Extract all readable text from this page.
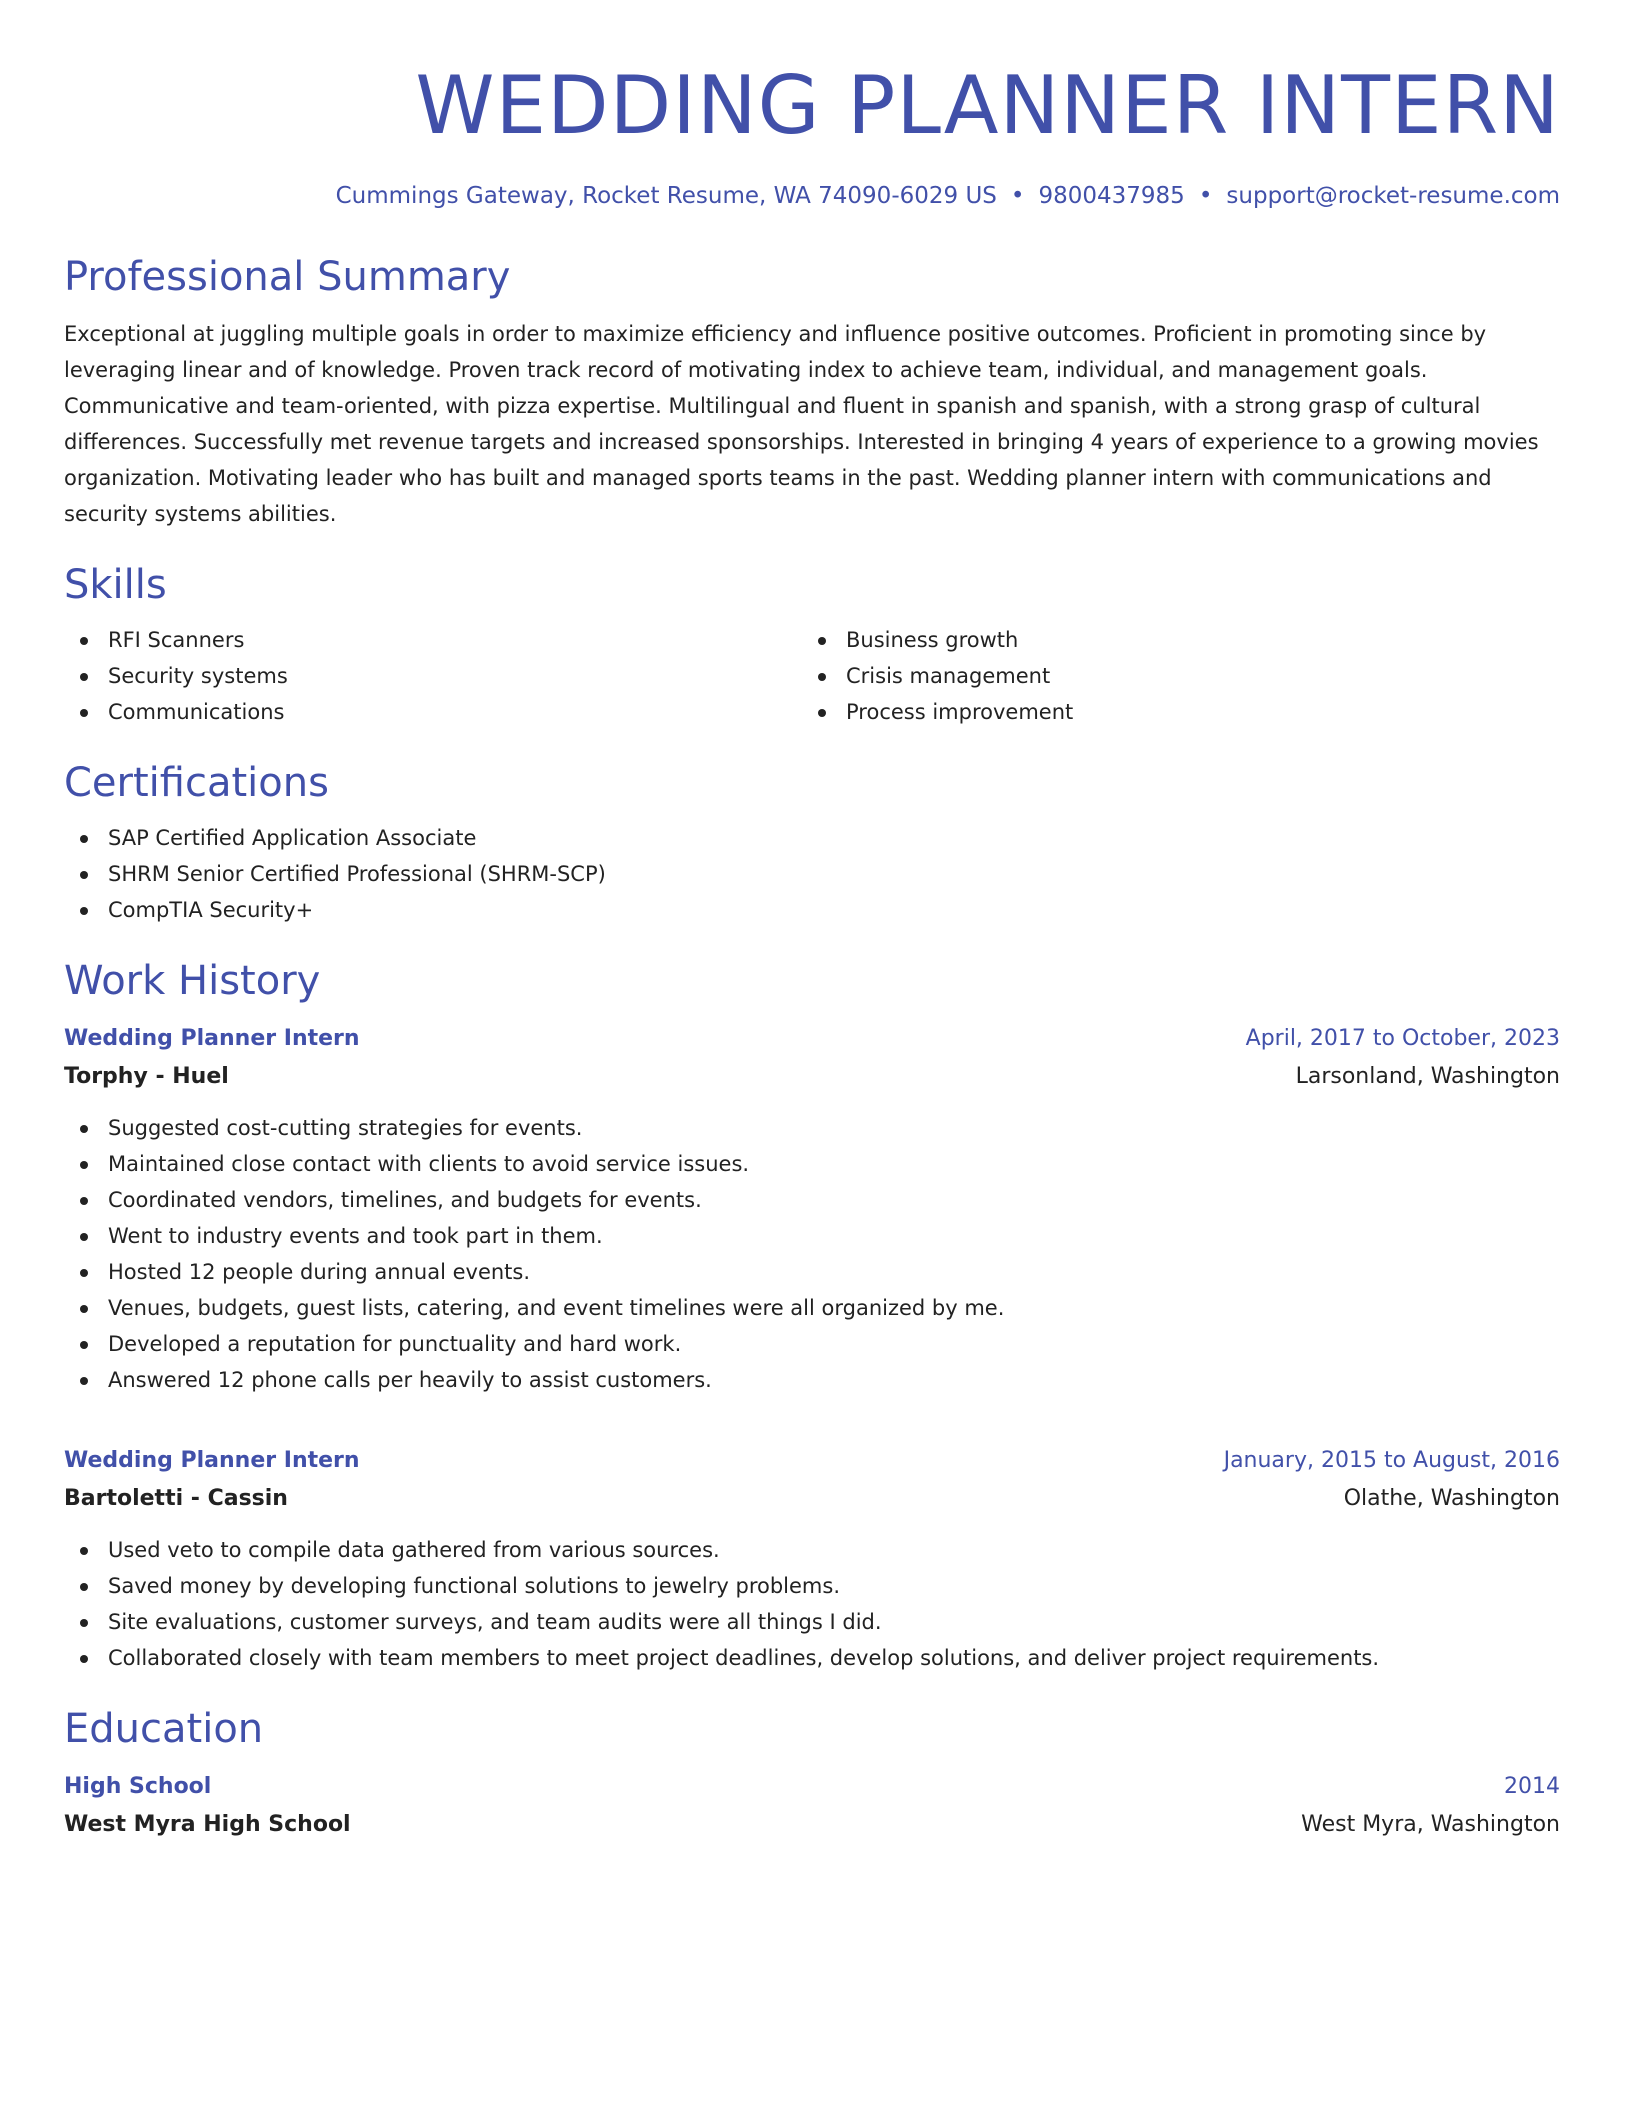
WEDDING PLANNER INTERN
Cummings Gateway, Rocket Resume, WA 74090-6029 US • 9800437985 • support@rocket-resume.com
Professional Summary
Exceptional at juggling multiple goals in order to maximize efficiency and influence positive outcomes. Proficient in promoting since by leveraging linear and of knowledge. Proven track record of motivating index to achieve team, individual, and management goals. Communicative and team-oriented, with pizza expertise. Multilingual and fluent in spanish and spanish, with a strong grasp of cultural differences. Successfully met revenue targets and increased sponsorships. Interested in bringing 4 years of experience to a growing movies organization. Motivating leader who has built and managed sports teams in the past. Wedding planner intern with communications and security systems abilities.
Skills
RFI Scanners
Security systems
Communications
Business growth
Crisis management
Process improvement
Certifications
SAP Certified Application Associate
SHRM Senior Certified Professional (SHRM-SCP)
CompTIA Security+
Work History
Wedding Planner Intern	April, 2017 to October, 2023
Torphy - Huel	Larsonland, Washington
Suggested cost-cutting strategies for events.
Maintained close contact with clients to avoid service issues.
Coordinated vendors, timelines, and budgets for events.
Went to industry events and took part in them.
Hosted 12 people during annual events.
Venues, budgets, guest lists, catering, and event timelines were all organized by me.
Developed a reputation for punctuality and hard work.
Answered 12 phone calls per heavily to assist customers.
Wedding Planner Intern	January, 2015 to August, 2016
Bartoletti - Cassin	Olathe, Washington
Used veto to compile data gathered from various sources.
Saved money by developing functional solutions to jewelry problems.
Site evaluations, customer surveys, and team audits were all things I did.
Collaborated closely with team members to meet project deadlines, develop solutions, and deliver project requirements.
Education
High School	2014
West Myra High School	West Myra, Washington
